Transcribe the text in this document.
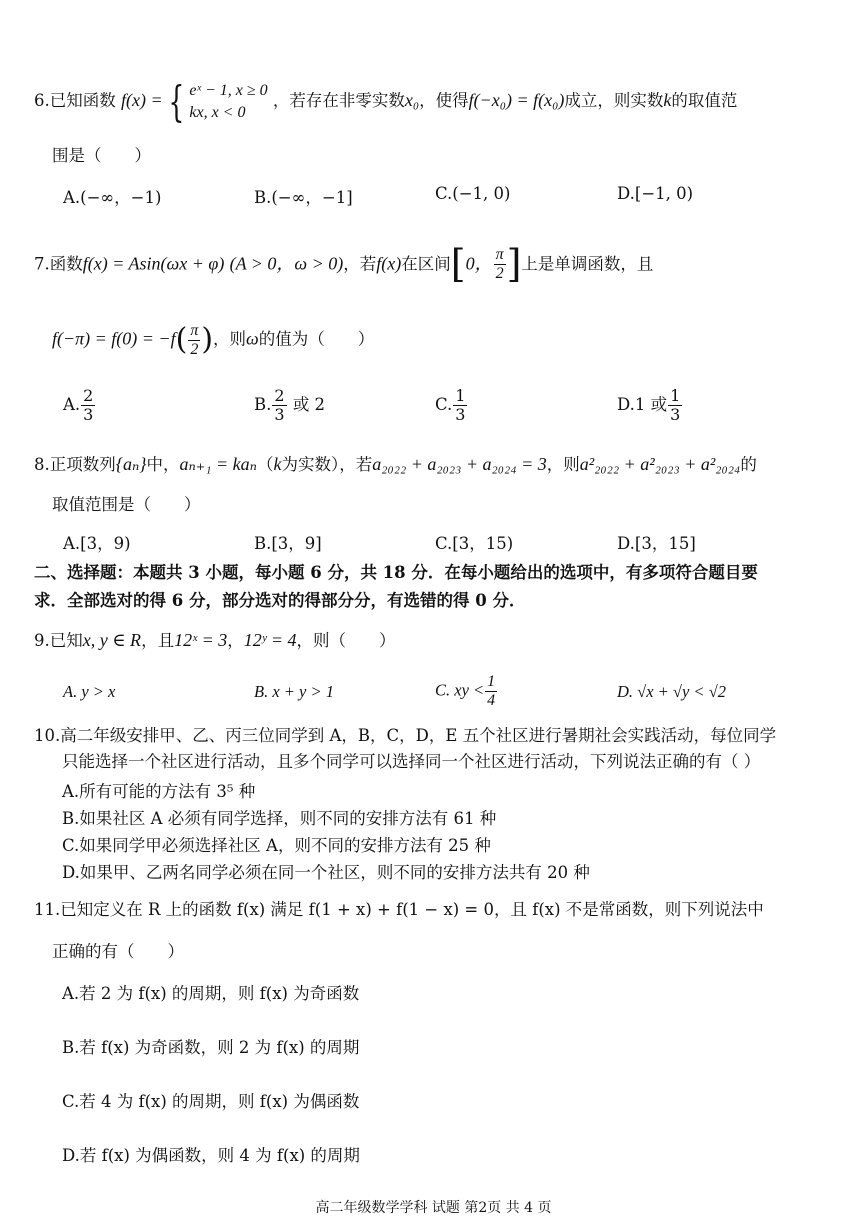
6.已知函数 f(x) = { eˣ − 1, x ≥ 0
kx, x < 0
，若存在非零实数x₀，使得f(−x₀) = f(x₀)成立，则实数k的取值范
围是（　　）
A.(−∞，−1)	B.(−∞，−1]	C.(−1, 0)	D.[−1, 0)
7.函数f(x) = Asin(ωx + φ) (A > 0，ω > 0)，若f(x)在区间[0， $\frac{\pi}{2}$ ]上是单调函数，且
$f(-\pi) = f(0) = -f( \frac{\pi}{2}$ )，则ω的值为（　　）
A. $\frac{2}{3}$	B. $\frac{2}{3}$ 或 2	C. $\frac{1}{3}$	D.1 或 $\frac{1}{3}$
8.正项数列{aₙ}中，aₙ₊₁ = kaₙ（k为实数），若a₂₀₂₂ + a₂₀₂₃ + a₂₀₂₄ = 3，则a²₂₀₂₂ + a²₂₀₂₃ + a²₂₀₂₄的
取值范围是（　　）
A.[3，9)	B.[3，9]	C.[3，15)	D.[3，15]
二、选择题：本题共 3 小题，每小题 6 分，共 18 分．在每小题给出的选项中，有多项符合题目要
求．全部选对的得 6 分，部分选对的得部分分，有选错的得 0 分．
9.已知x, y ∈ R，且12ˣ = 3，12ʸ = 4，则（　　）
A. y > x	B. x + y > 1	C. xy < $\frac{1}{4}$	D. √x + √y < √2
10.高二年级安排甲、乙、丙三位同学到 A，B，C，D，E 五个社区进行暑期社会实践活动，每位同学
只能选择一个社区进行活动，且多个同学可以选择同一个社区进行活动，下列说法正确的有（ ）
A.所有可能的方法有 3⁵ 种
B.如果社区 A 必须有同学选择，则不同的安排方法有 61 种
C.如果同学甲必须选择社区 A，则不同的安排方法有 25 种
D.如果甲、乙两名同学必须在同一个社区，则不同的安排方法共有 20 种
11.已知定义在 R 上的函数 f(x) 满足 f(1 + x) + f(1 − x) = 0，且 f(x) 不是常函数，则下列说法中
正确的有（　　）
A.若 2 为 f(x) 的周期，则 f(x) 为奇函数
B.若 f(x) 为奇函数，则 2 为 f(x) 的周期
C.若 4 为 f(x) 的周期，则 f(x) 为偶函数
D.若 f(x) 为偶函数，则 4 为 f(x) 的周期
高二年级数学学科 试题 第2页 共 4 页
